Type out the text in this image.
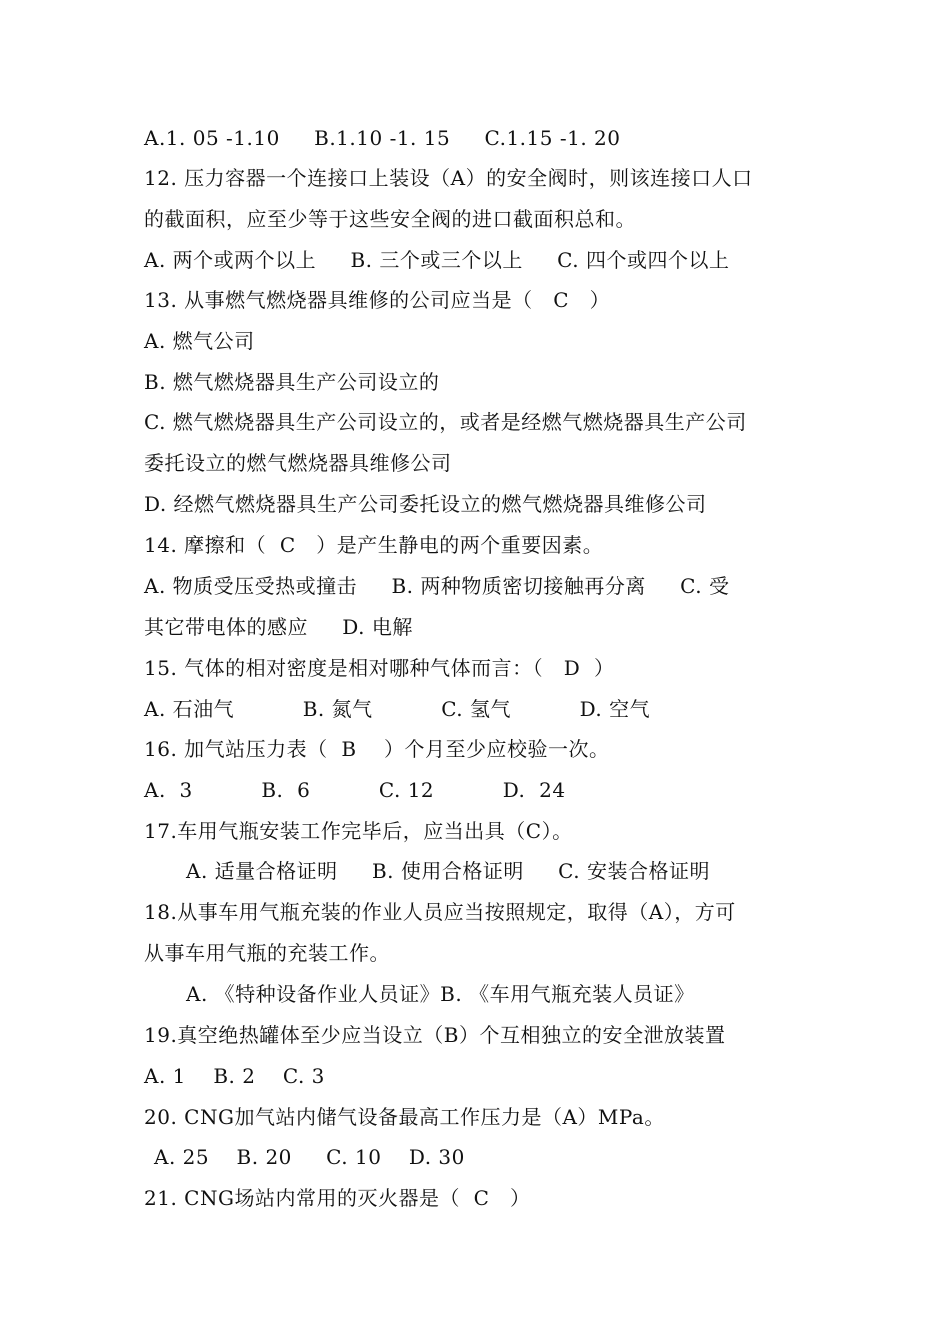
A.1. 05 -1.10     B.1.10 -1. 15     C.1.15 -1. 20
12. 压力容器一个连接口上装设（A）的安全阀时，则该连接口人口
的截面积，应至少等于这些安全阀的进口截面积总和。
A. 两个或两个以上     B. 三个或三个以上     C. 四个或四个以上
13. 从事燃气燃烧器具维修的公司应当是（   C   ）
A. 燃气公司
B. 燃气燃烧器具生产公司设立的
C. 燃气燃烧器具生产公司设立的，或者是经燃气燃烧器具生产公司
委托设立的燃气燃烧器具维修公司
D. 经燃气燃烧器具生产公司委托设立的燃气燃烧器具维修公司
14. 摩擦和（  C   ）是产生静电的两个重要因素。
A. 物质受压受热或撞击     B. 两种物质密切接触再分离     C. 受
其它带电体的感应     D. 电解
15. 气体的相对密度是相对哪种气体而言：（   D  ）
A. 石油气          B. 氮气          C. 氢气          D. 空气
16. 加气站压力表（  B    ）个月至少应校验一次。
A.  3          B.  6          C. 12          D.  24
17.车用气瓶安装工作完毕后，应当出具（C）。
A. 适量合格证明     B. 使用合格证明     C. 安装合格证明
18.从事车用气瓶充装的作业人员应当按照规定，取得（A），方可
从事车用气瓶的充装工作。
A. 《特种设备作业人员证》B. 《车用气瓶充装人员证》
19.真空绝热罐体至少应当设立（B）个互相独立的安全泄放装置
A. 1    B. 2    C. 3
20. CNG加气站内储气设备最高工作压力是（A）MPa。
A. 25    B. 20     C. 10    D. 30
21. CNG场站内常用的灭火器是（  C   ）
